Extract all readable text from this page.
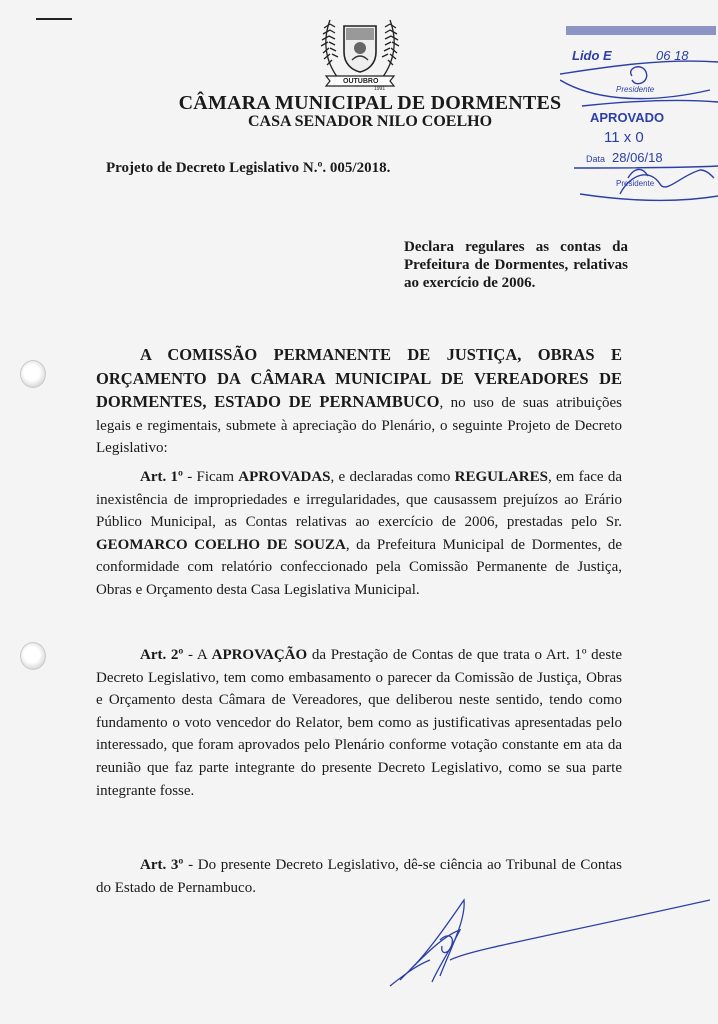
OUTUBRO
1991
CÂMARA MUNICIPAL DE DORMENTES
CASA SENADOR NILO COELHO
Lido E	06 18
Presidente
APROVADO
11 x 0
Data 28/06/18
Presidente
Projeto de Decreto Legislativo N.º. 005/2018.
Declara regulares as contas da Prefeitura de Dormentes, relativas ao exercício de 2006.
A COMISSÃO PERMANENTE DE JUSTIÇA, OBRAS E ORÇAMENTO DA CÂMARA MUNICIPAL DE VEREADORES DE DORMENTES, ESTADO DE PERNAMBUCO, no uso de suas atribuições legais e regimentais, submete à apreciação do Plenário, o seguinte Projeto de Decreto Legislativo:
Art. 1º - Ficam APROVADAS, e declaradas como REGULARES, em face da inexistência de impropriedades e irregularidades, que causassem prejuízos ao Erário Público Municipal, as Contas relativas ao exercício de 2006, prestadas pelo Sr. GEOMARCO COELHO DE SOUZA, da Prefeitura Municipal de Dormentes, de conformidade com relatório confeccionado pela Comissão Permanente de Justiça, Obras e Orçamento desta Casa Legislativa Municipal.
Art. 2º - A APROVAÇÃO da Prestação de Contas de que trata o Art. 1º deste Decreto Legislativo, tem como embasamento o parecer da Comissão de Justiça, Obras e Orçamento desta Câmara de Vereadores, que deliberou neste sentido, tendo como fundamento o voto vencedor do Relator, bem como as justificativas apresentadas pelo interessado, que foram aprovados pelo Plenário conforme votação constante em ata da reunião que faz parte integrante do presente Decreto Legislativo, como se sua parte integrante fosse.
Art. 3º - Do presente Decreto Legislativo, dê-se ciência ao Tribunal de Contas do Estado de Pernambuco.
